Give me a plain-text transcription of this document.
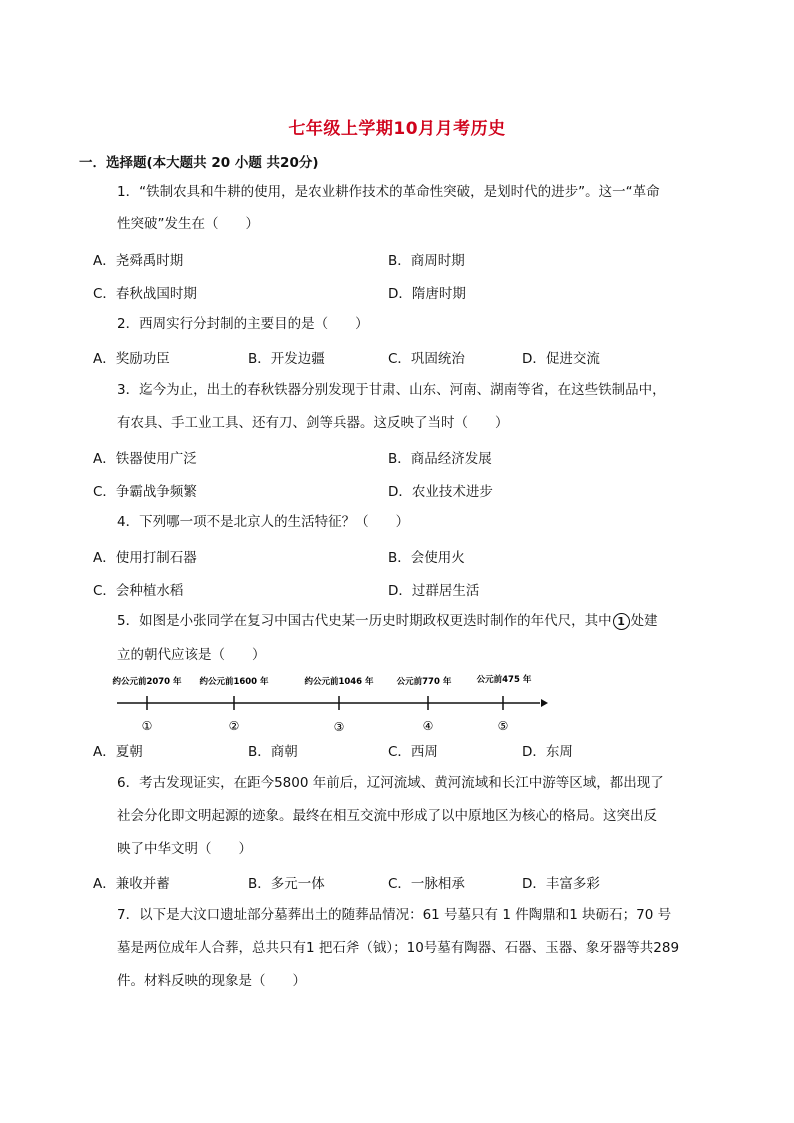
七年级上学期10月月考历史
一．选择题(本大题共 20 小题 共20分)
1．“铁制农具和牛耕的使用，是农业耕作技术的革命性突破，是划时代的进步”。这一“革命
性突破”发生在（　　）
A．尧舜禹时期	B．商周时期
C．春秋战国时期	D．隋唐时期
2．西周实行分封制的主要目的是（　　）
A．奖励功臣	B．开发边疆	C．巩固统治	D．促进交流
3．迄今为止，出土的春秋铁器分别发现于甘肃、山东、河南、湖南等省，在这些铁制品中，
有农具、手工业工具、还有刀、剑等兵器。这反映了当时（　　）
A．铁器使用广泛	B．商品经济发展
C．争霸战争频繁	D．农业技术进步
4．下列哪一项不是北京人的生活特征？（　　）
A．使用打制石器	B．会使用火
C．会种植水稻	D．过群居生活
5．如图是小张同学在复习中国古代史某一历史时期政权更迭时制作的年代尺，其中 1 处建
立的朝代应该是（　　）
约公元前2070 年 约公元前1600 年	约公元前1046 年	公元前770 年	公元前475 年
①	②	③	④	⑤
A．夏朝	B．商朝	C．西周	D．东周
6．考古发现证实，在距今5800 年前后，辽河流域、黄河流域和长江中游等区域，都出现了
社会分化即文明起源的迹象。最终在相互交流中形成了以中原地区为核心的格局。这突出反
映了中华文明（　　）
A．兼收并蓄	B．多元一体	C．一脉相承	D．丰富多彩
7．以下是大汶口遗址部分墓葬出土的随葬品情况：61 号墓只有 1 件陶鼎和1 块砺石；70 号
墓是两位成年人合葬，总共只有1 把石斧（钺）；10号墓有陶器、石器、玉器、象牙器等共289
件。材料反映的现象是（　　）
